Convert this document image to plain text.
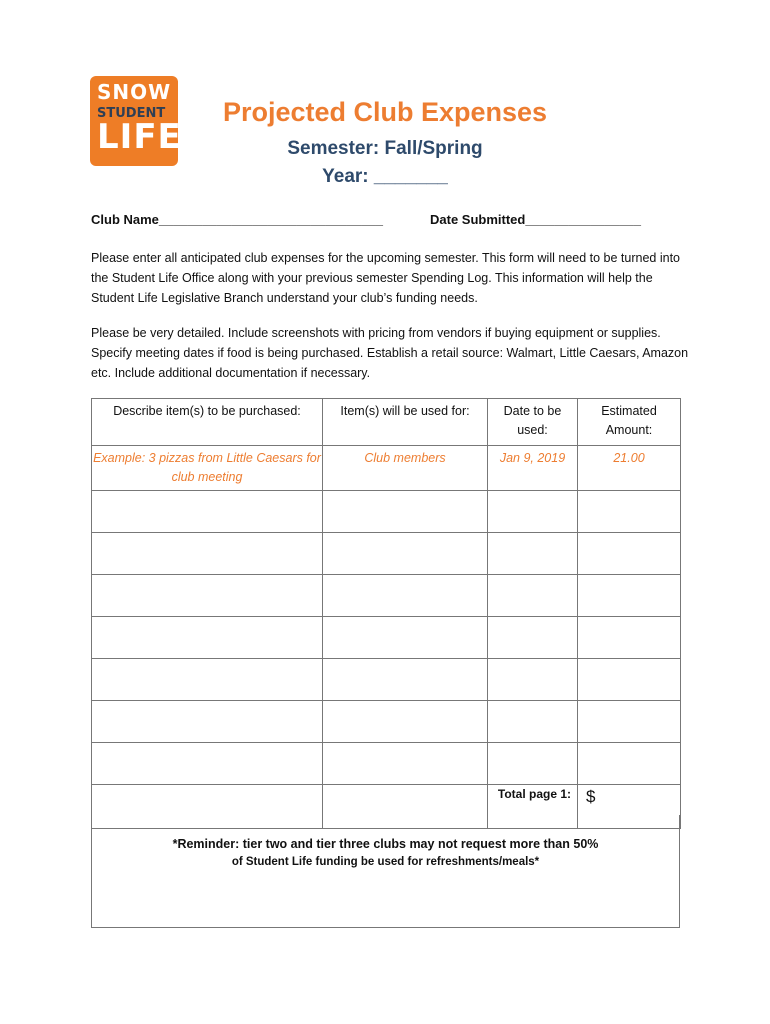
SNOW
STUDENT
LIFE
Projected Club Expenses
Semester: Fall/Spring
Year: _______
Club Name_______________________________	Date Submitted________________
Please enter all anticipated club expenses for the upcoming semester. This form will need to be turned into the Student Life Office along with your previous semester Spending Log. This information will help the Student Life Legislative Branch understand your club’s funding needs.
Please be very detailed. Include screenshots with pricing from vendors if buying equipment or supplies. Specify meeting dates if food is being purchased. Establish a retail source: Walmart, Little Caesars, Amazon etc. Include additional documentation if necessary.
Describe item(s) to be purchased:	Item(s) will be used for:	Date to be used:	Estimated Amount:
Example: 3 pizzas from Little Caesars for club meeting	Club members	Jan 9, 2019	21.00

		Total page 1:	$
*Reminder: tier two and tier three clubs may not request more than 50%
of Student Life funding be used for refreshments/meals*
